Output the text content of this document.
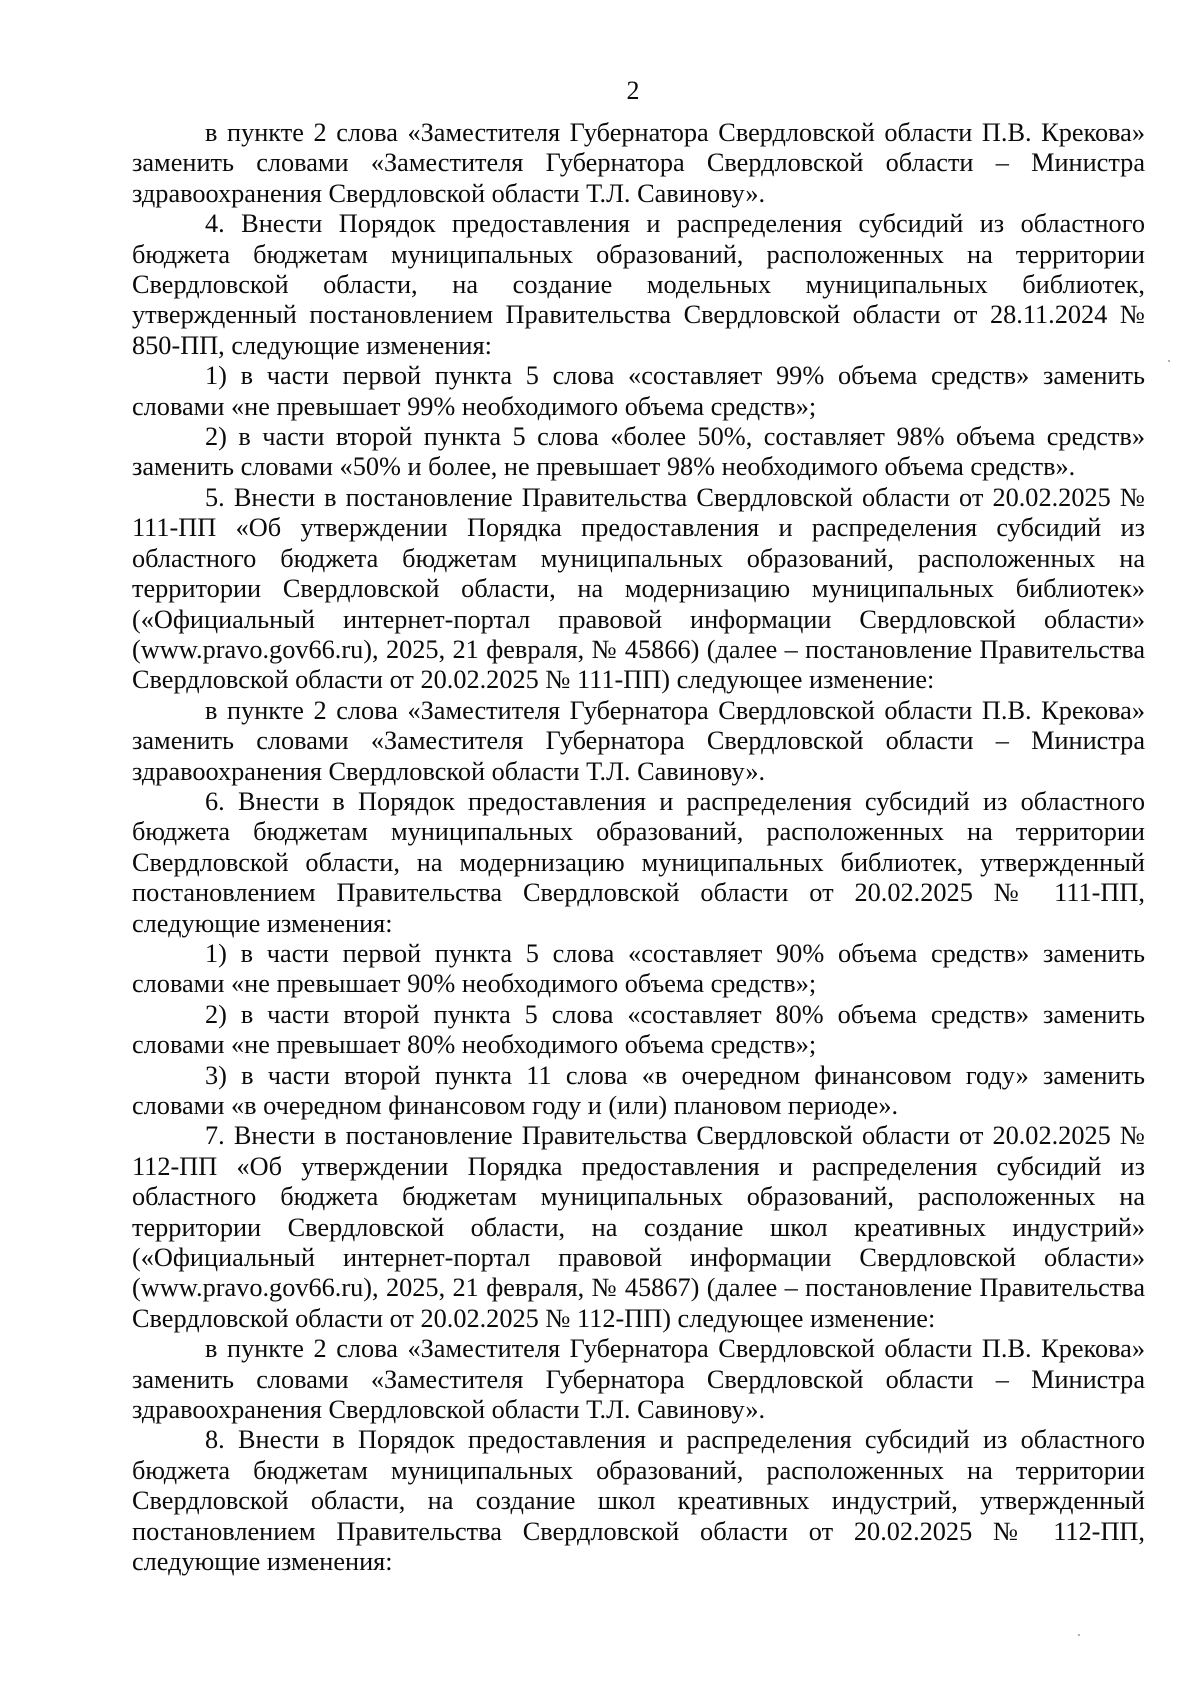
2

в пункте 2 слова «Заместителя Губернатора Свердловской области П.В. Крекова» заменить словами «Заместителя Губернатора Свердловской области – Министра здравоохранения Свердловской области Т.Л. Савинову».

4. Внести Порядок предоставления и распределения субсидий из областного бюджета бюджетам муниципальных образований, расположенных на территории Свердловской области, на создание модельных муниципальных библиотек, утвержденный постановлением Правительства Свердловской области от 28.11.2024 № 850-ПП, следующие изменения:

1) в части первой пункта 5 слова «составляет 99% объема средств» заменить словами «не превышает 99% необходимого объема средств»;

2) в части второй пункта 5 слова «более 50%, составляет 98% объема средств» заменить словами «50% и более, не превышает 98% необходимого объема средств».

5. Внести в постановление Правительства Свердловской области от 20.02.2025 № 111-ПП «Об утверждении Порядка предоставления и распределения субсидий из областного бюджета бюджетам муниципальных образований, расположенных на территории Свердловской области, на модернизацию муниципальных библиотек» («Официальный интернет-портал правовой информации Свердловской области» (www.pravo.gov66.ru), 2025, 21 февраля, № 45866) (далее – постановление Правительства Свердловской области от 20.02.2025 № 111-ПП) следующее изменение:

в пункте 2 слова «Заместителя Губернатора Свердловской области П.В. Крекова» заменить словами «Заместителя Губернатора Свердловской области – Министра здравоохранения Свердловской области Т.Л. Савинову».

6. Внести в Порядок предоставления и распределения субсидий из областного бюджета бюджетам муниципальных образований, расположенных на территории Свердловской области, на модернизацию муниципальных библиотек, утвержденный постановлением Правительства Свердловской области от 20.02.2025 № 111-ПП, следующие изменения:

1) в части первой пункта 5 слова «составляет 90% объема средств» заменить словами «не превышает 90% необходимого объема средств»;

2) в части второй пункта 5 слова «составляет 80% объема средств» заменить словами «не превышает 80% необходимого объема средств»;

3) в части второй пункта 11 слова «в очередном финансовом году» заменить словами «в очередном финансовом году и (или) плановом периоде».

7. Внести в постановление Правительства Свердловской области от 20.02.2025 № 112-ПП «Об утверждении Порядка предоставления и распределения субсидий из областного бюджета бюджетам муниципальных образований, расположенных на территории Свердловской области, на создание школ креативных индустрий» («Официальный интернет-портал правовой информации Свердловской области» (www.pravo.gov66.ru), 2025, 21 февраля, № 45867) (далее – постановление Правительства Свердловской области от 20.02.2025 № 112-ПП) следующее изменение:

в пункте 2 слова «Заместителя Губернатора Свердловской области П.В. Крекова» заменить словами «Заместителя Губернатора Свердловской области – Министра здравоохранения Свердловской области Т.Л. Савинову».

8. Внести в Порядок предоставления и распределения субсидий из областного бюджета бюджетам муниципальных образований, расположенных на территории Свердловской области, на создание школ креативных индустрий, утвержденный постановлением Правительства Свердловской области от 20.02.2025 № 112-ПП, следующие изменения:
